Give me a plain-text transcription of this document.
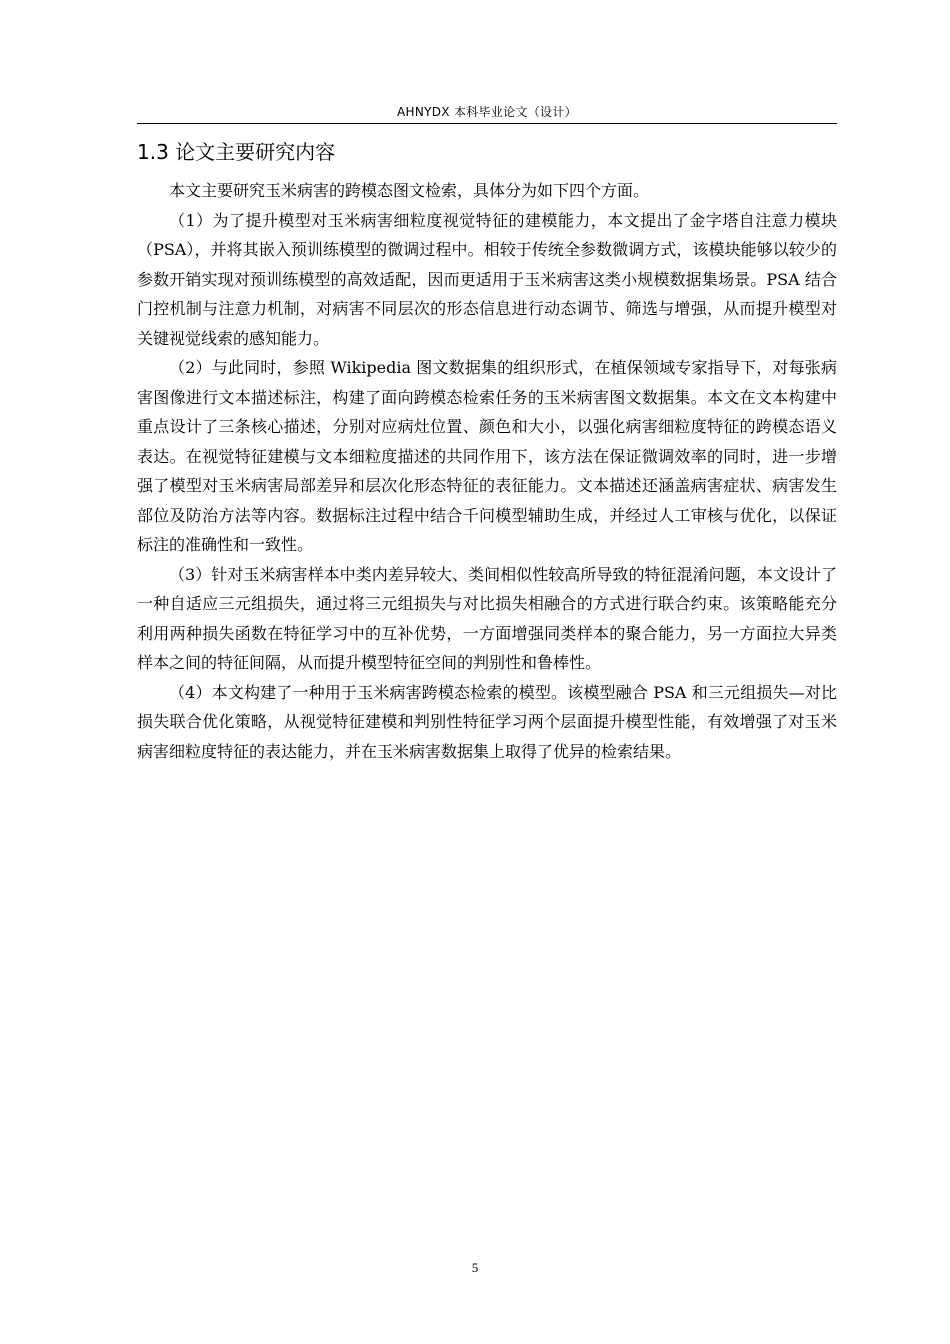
AHNYDX 本科毕业论文（设计）
1.3 论文主要研究内容

本文主要研究玉米病害的跨模态图文检索，具体分为如下四个方面。

（1）为了提升模型对玉米病害细粒度视觉特征的建模能力，本文提出了金字塔自注意力模块（PSA），并将其嵌入预训练模型的微调过程中。相较于传统全参数微调方式，该模块能够以较少的参数开销实现对预训练模型的高效适配，因而更适用于玉米病害这类小规模数据集场景。PSA 结合门控机制与注意力机制，对病害不同层次的形态信息进行动态调节、筛选与增强，从而提升模型对关键视觉线索的感知能力。

（2）与此同时，参照 Wikipedia 图文数据集的组织形式，在植保领域专家指导下，对每张病害图像进行文本描述标注，构建了面向跨模态检索任务的玉米病害图文数据集。本文在文本构建中重点设计了三条核心描述，分别对应病灶位置、颜色和大小，以强化病害细粒度特征的跨模态语义表达。在视觉特征建模与文本细粒度描述的共同作用下，该方法在保证微调效率的同时，进一步增强了模型对玉米病害局部差异和层次化形态特征的表征能力。文本描述还涵盖病害症状、病害发生部位及防治方法等内容。数据标注过程中结合千问模型辅助生成，并经过人工审核与优化，以保证标注的准确性和一致性。

（3）针对玉米病害样本中类内差异较大、类间相似性较高所导致的特征混淆问题，本文设计了一种自适应三元组损失，通过将三元组损失与对比损失相融合的方式进行联合约束。该策略能充分利用两种损失函数在特征学习中的互补优势，一方面增强同类样本的聚合能力，另一方面拉大异类样本之间的特征间隔，从而提升模型特征空间的判别性和鲁棒性。

（4）本文构建了一种用于玉米病害跨模态检索的模型。该模型融合 PSA 和三元组损失—对比损失联合优化策略，从视觉特征建模和判别性特征学习两个层面提升模型性能，有效增强了对玉米病害细粒度特征的表达能力，并在玉米病害数据集上取得了优异的检索结果。

5
